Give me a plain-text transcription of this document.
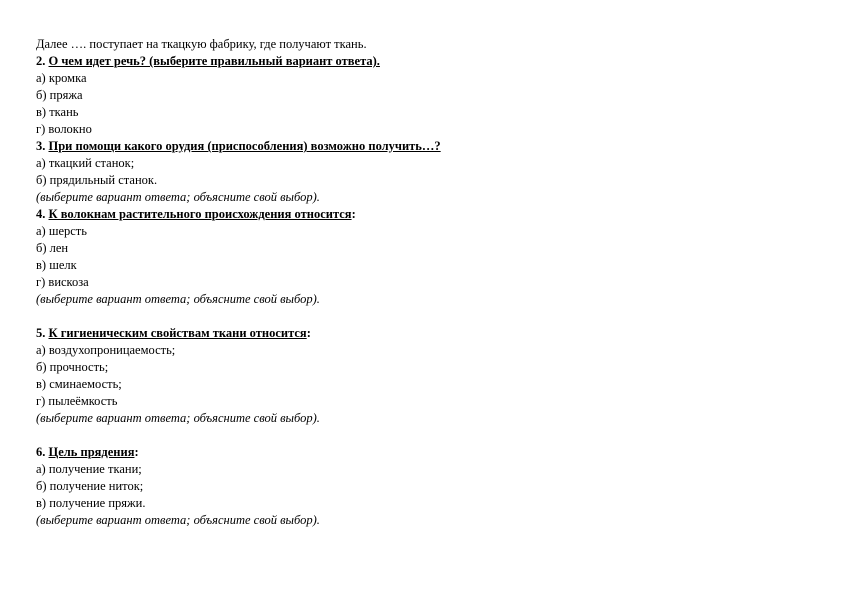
Далее …. поступает на ткацкую фабрику, где получают ткань.
2. О чем идет речь? (выберите правильный вариант ответа).
а) кромка
б) пряжа
в) ткань
г) волокно
3. При помощи какого орудия (приспособления) возможно получить…?
а) ткацкий станок;
б) прядильный станок.
(выберите вариант ответа; объясните свой выбор).
4. К волокнам растительного происхождения относится:
а) шерсть
б) лен
в) шелк
г) вискоза
(выберите вариант ответа; объясните свой выбор).
5. К гигиеническим свойствам ткани относится:
а) воздухопроницаемость;
б) прочность;
в) сминаемость;
г) пылеёмкость
(выберите вариант ответа; объясните свой выбор).
6. Цель прядения:
а) получение ткани;
б) получение ниток;
в) получение пряжи.
(выберите вариант ответа; объясните свой выбор).
